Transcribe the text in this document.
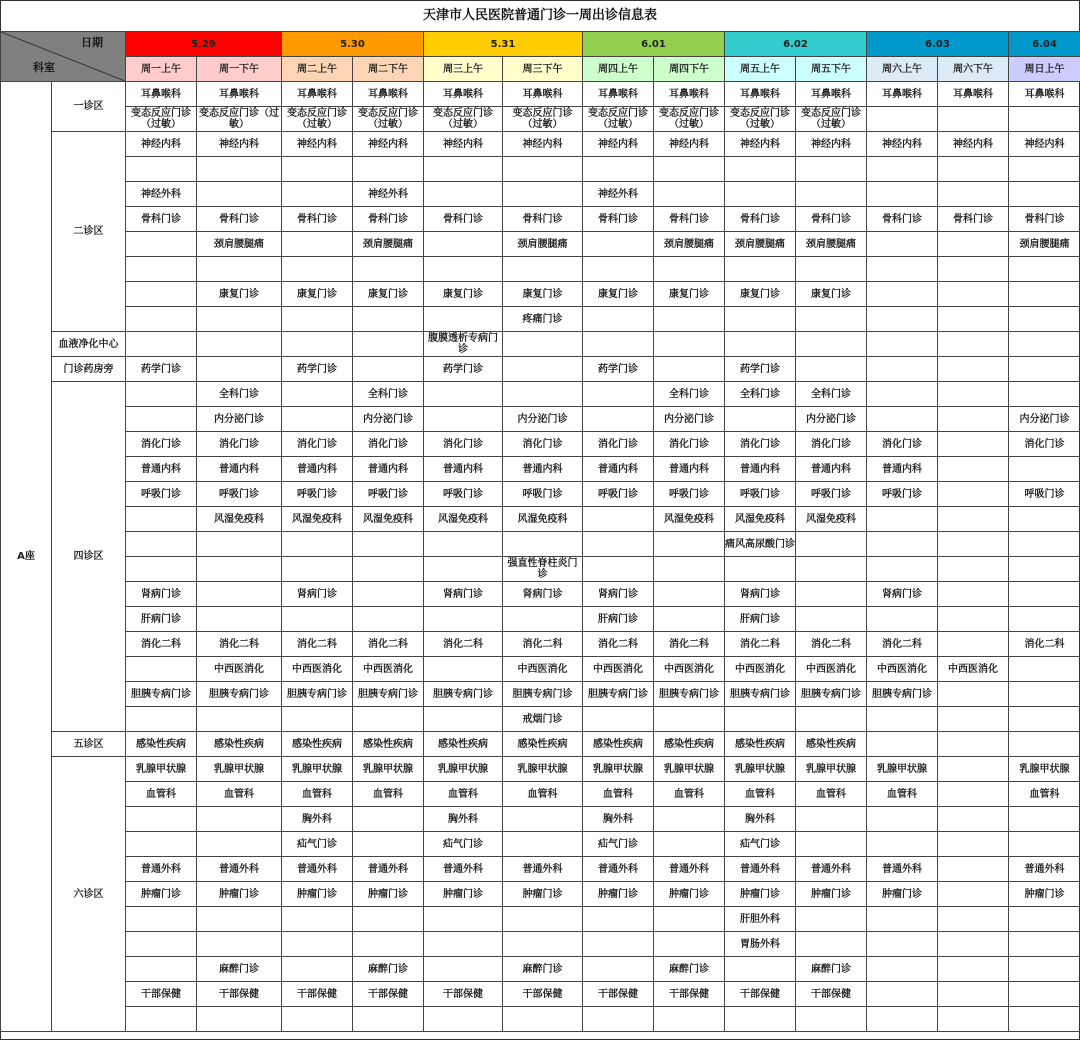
天津市人民医院普通门诊一周出诊信息表
日期
科室		5.29		5.30		5.31		6.01		6.02		6.03		6.04
		周一上午	周一下午	周二上午	周二下午	周三上午	周三下午	周四上午	周四下午	周五上午	周五下午	周六上午	周六下午	周日上午
A座	一诊区	耳鼻喉科	耳鼻喉科	耳鼻喉科	耳鼻喉科	耳鼻喉科	耳鼻喉科	耳鼻喉科	耳鼻喉科	耳鼻喉科	耳鼻喉科	耳鼻喉科	耳鼻喉科	耳鼻喉科
		变态反应门诊（过敏）	变态反应门诊（过敏）	变态反应门诊（过敏）	变态反应门诊（过敏）	变态反应门诊（过敏）	变态反应门诊（过敏）	变态反应门诊（过敏）	变态反应门诊（过敏）	变态反应门诊（过敏）	变态反应门诊（过敏）			
	二诊区	神经内科	神经内科	神经内科	神经内科	神经内科	神经内科	神经内科	神经内科	神经内科	神经内科	神经内科	神经内科	神经内科

		神经外科			神经外科			神经外科						
		骨科门诊	骨科门诊	骨科门诊	骨科门诊	骨科门诊	骨科门诊	骨科门诊	骨科门诊	骨科门诊	骨科门诊	骨科门诊	骨科门诊	骨科门诊
			颈肩腰腿痛		颈肩腰腿痛		颈肩腰腿痛		颈肩腰腿痛	颈肩腰腿痛	颈肩腰腿痛			颈肩腰腿痛

			康复门诊	康复门诊	康复门诊	康复门诊	康复门诊	康复门诊	康复门诊	康复门诊	康复门诊			
							疼痛门诊							
	血液净化中心					腹膜透析专病门诊								
	门诊药房旁	药学门诊		药学门诊		药学门诊		药学门诊		药学门诊				
	四诊区		全科门诊		全科门诊				全科门诊	全科门诊	全科门诊			
			内分泌门诊		内分泌门诊		内分泌门诊		内分泌门诊		内分泌门诊			内分泌门诊
		消化门诊	消化门诊	消化门诊	消化门诊	消化门诊	消化门诊	消化门诊	消化门诊	消化门诊	消化门诊	消化门诊		消化门诊
		普通内科	普通内科	普通内科	普通内科	普通内科	普通内科	普通内科	普通内科	普通内科	普通内科	普通内科		
		呼吸门诊	呼吸门诊	呼吸门诊	呼吸门诊	呼吸门诊	呼吸门诊	呼吸门诊	呼吸门诊	呼吸门诊	呼吸门诊	呼吸门诊		呼吸门诊
			风湿免疫科	风湿免疫科	风湿免疫科	风湿免疫科	风湿免疫科		风湿免疫科	风湿免疫科	风湿免疫科			
										痛风高尿酸门诊				
							强直性脊柱炎门诊							
		肾病门诊		肾病门诊		肾病门诊	肾病门诊	肾病门诊		肾病门诊		肾病门诊		
		肝病门诊						肝病门诊		肝病门诊				
		消化二科	消化二科	消化二科	消化二科	消化二科	消化二科	消化二科	消化二科	消化二科	消化二科	消化二科		消化二科
			中西医消化	中西医消化	中西医消化		中西医消化	中西医消化	中西医消化	中西医消化	中西医消化	中西医消化	中西医消化	
		胆胰专病门诊	胆胰专病门诊	胆胰专病门诊	胆胰专病门诊	胆胰专病门诊	胆胰专病门诊	胆胰专病门诊	胆胰专病门诊	胆胰专病门诊	胆胰专病门诊	胆胰专病门诊		
							戒烟门诊							
	五诊区	感染性疾病	感染性疾病	感染性疾病	感染性疾病	感染性疾病	感染性疾病	感染性疾病	感染性疾病	感染性疾病	感染性疾病			
	六诊区	乳腺甲状腺	乳腺甲状腺	乳腺甲状腺	乳腺甲状腺	乳腺甲状腺	乳腺甲状腺	乳腺甲状腺	乳腺甲状腺	乳腺甲状腺	乳腺甲状腺	乳腺甲状腺		乳腺甲状腺
		血管科	血管科	血管科	血管科	血管科	血管科	血管科	血管科	血管科	血管科	血管科		血管科
				胸外科		胸外科		胸外科		胸外科				
				疝气门诊		疝气门诊		疝气门诊		疝气门诊				
		普通外科	普通外科	普通外科	普通外科	普通外科	普通外科	普通外科	普通外科	普通外科	普通外科	普通外科		普通外科
		肿瘤门诊	肿瘤门诊	肿瘤门诊	肿瘤门诊	肿瘤门诊	肿瘤门诊	肿瘤门诊	肿瘤门诊	肿瘤门诊	肿瘤门诊	肿瘤门诊		肿瘤门诊
										肝胆外科				
										胃肠外科				
			麻醉门诊		麻醉门诊		麻醉门诊		麻醉门诊		麻醉门诊			
		干部保健	干部保健	干部保健	干部保健	干部保健	干部保健	干部保健	干部保健	干部保健	干部保健			
